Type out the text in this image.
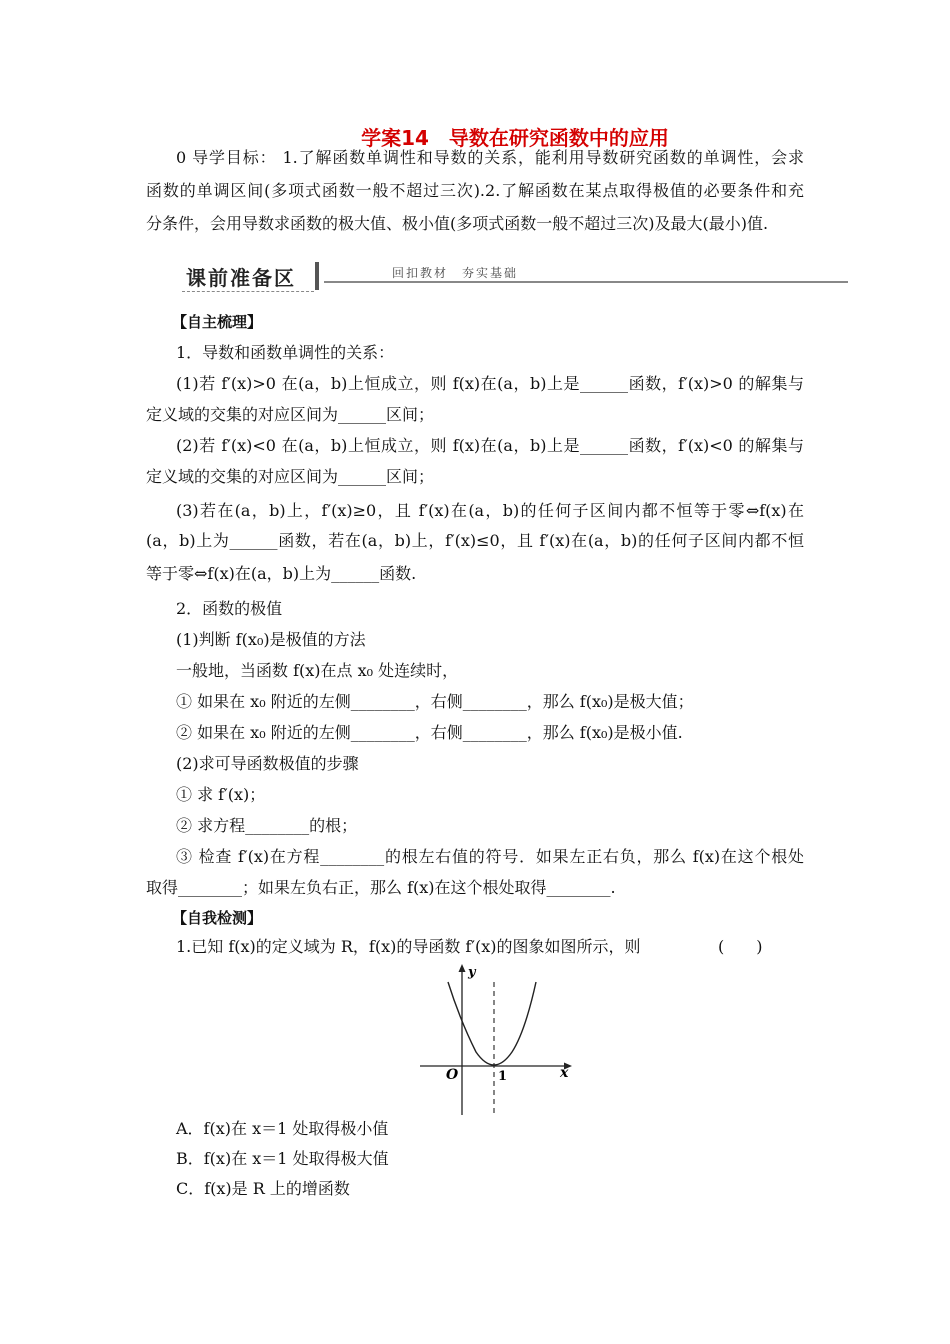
学案14　导数在研究函数中的应用
0 导学目标： 1.了解函数单调性和导数的关系，能利用导数研究函数的单调性，会求
函数的单调区间(多项式函数一般不超过三次).2.了解函数在某点取得极值的必要条件和充
分条件，会用导数求函数的极大值、极小值(多项式函数一般不超过三次)及最大(最小)值.
课前准备区	回扣教材　夯实基础
【自主梳理】
1．导数和函数单调性的关系：
(1)若 f′(x)>0 在(a，b)上恒成立，则 f(x)在(a，b)上是______函数，f′(x)>0 的解集与
定义域的交集的对应区间为______区间；
(2)若 f′(x)<0 在(a，b)上恒成立，则 f(x)在(a，b)上是______函数，f′(x)<0 的解集与
定义域的交集的对应区间为______区间；
(3)若在(a，b)上，f′(x)≥0，且 f′(x)在(a，b)的任何子区间内都不恒等于零⇔f(x)在
(a，b)上为______函数，若在(a，b)上，f′(x)≤0，且 f′(x)在(a，b)的任何子区间内都不恒
等于零⇔f(x)在(a，b)上为______函数.
2．函数的极值
(1)判断 f(x₀)是极值的方法
一般地，当函数 f(x)在点 x₀ 处连续时，
① 如果在 x₀ 附近的左侧________，右侧________，那么 f(x₀)是极大值；
② 如果在 x₀ 附近的左侧________，右侧________，那么 f(x₀)是极小值.
(2)求可导函数极值的步骤
① 求 f′(x)；
② 求方程________的根；
③ 检查 f′(x)在方程________的根左右值的符号．如果左正右负，那么 f(x)在这个根处
取得________；如果左负右正，那么 f(x)在这个根处取得________.
【自我检测】
1.已知 f(x)的定义域为 R，f(x)的导函数 f′(x)的图象如图所示，则	(　　)
y
x
O	1
A．f(x)在 x＝1 处取得极小值
B．f(x)在 x＝1 处取得极大值
C．f(x)是 R 上的增函数
